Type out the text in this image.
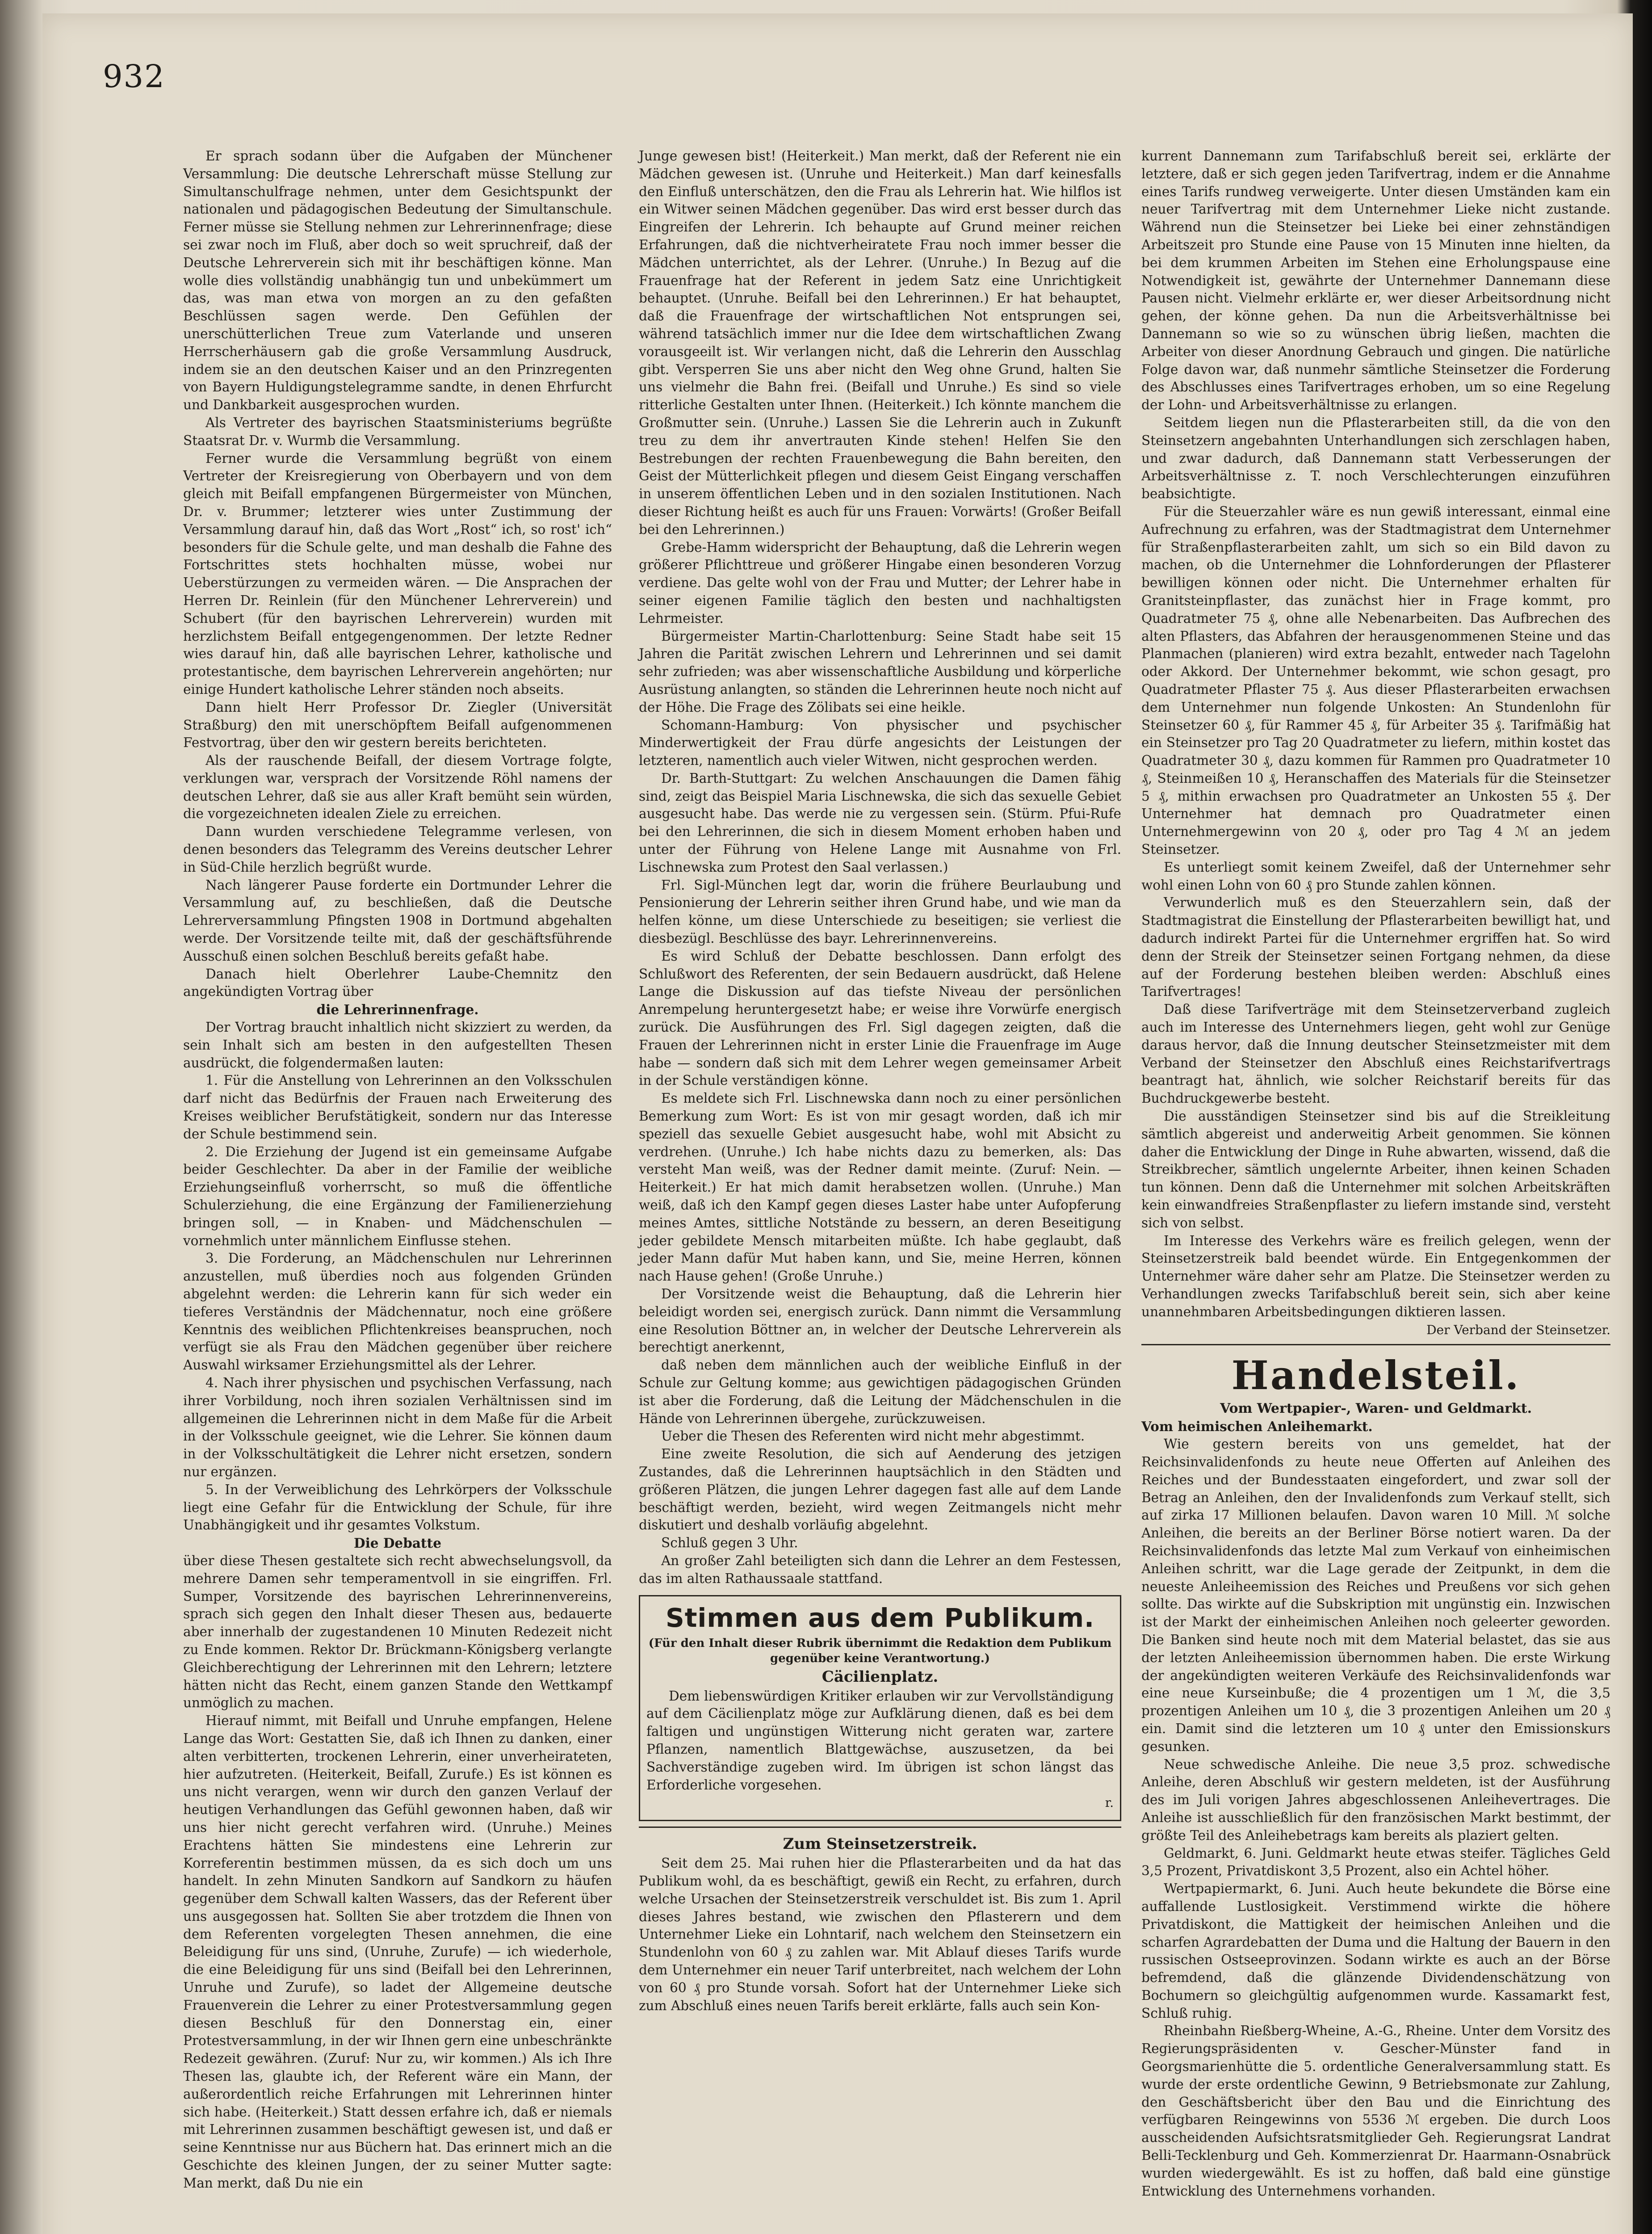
932

Er sprach sodann über die Aufgaben der Münchener Versammlung: Die deutsche Lehrerschaft müsse Stellung zur Simultanschulfrage nehmen, unter dem Gesichtspunkt der nationalen und pädagogischen Bedeutung der Simultanschule. Ferner müsse sie Stellung nehmen zur Lehrerinnenfrage; diese sei zwar noch im Fluß, aber doch so weit spruchreif, daß der Deutsche Lehrerverein sich mit ihr beschäftigen könne. Man wolle dies vollständig unabhängig tun und unbekümmert um das, was man etwa von morgen an zu den gefaßten Beschlüssen sagen werde. Den Gefühlen der unerschütterlichen Treue zum Vaterlande und unseren Herrscherhäusern gab die große Versammlung Ausdruck, indem sie an den deutschen Kaiser und an den Prinzregenten von Bayern Huldigungstelegramme sandte, in denen Ehrfurcht und Dankbarkeit ausgesprochen wurden.

Als Vertreter des bayrischen Staatsministeriums begrüßte Staatsrat Dr. v. Wurmb die Versammlung.

Ferner wurde die Versammlung begrüßt von einem Vertreter der Kreisregierung von Oberbayern und von dem gleich mit Beifall empfangenen Bürgermeister von München, Dr. v. Brummer; letzterer wies unter Zustimmung der Versammlung darauf hin, daß das Wort „Rost“ ich, so rost' ich“ besonders für die Schule gelte, und man deshalb die Fahne des Fortschrittes stets hochhalten müsse, wobei nur Ueberstürzungen zu vermeiden wären. — Die Ansprachen der Herren Dr. Reinlein (für den Münchener Lehrerverein) und Schubert (für den bayrischen Lehrerverein) wurden mit herzlichstem Beifall entgegengenommen. Der letzte Redner wies darauf hin, daß alle bayrischen Lehrer, katholische und protestantische, dem bayrischen Lehrerverein angehörten; nur einige Hundert katholische Lehrer ständen noch abseits.

Dann hielt Herr Professor Dr. Ziegler (Universität Straßburg) den mit unerschöpftem Beifall aufgenommenen Festvortrag, über den wir gestern bereits berichteten.

Als der rauschende Beifall, der diesem Vortrage folgte, verklungen war, versprach der Vorsitzende Röhl namens der deutschen Lehrer, daß sie aus aller Kraft bemüht sein würden, die vorgezeichneten idealen Ziele zu erreichen.

Dann wurden verschiedene Telegramme verlesen, von denen besonders das Telegramm des Vereins deutscher Lehrer in Süd-Chile herzlich begrüßt wurde.

Nach längerer Pause forderte ein Dortmunder Lehrer die Versammlung auf, zu beschließen, daß die Deutsche Lehrerversammlung Pfingsten 1908 in Dortmund abgehalten werde. Der Vorsitzende teilte mit, daß der geschäftsführende Ausschuß einen solchen Beschluß bereits gefaßt habe.

Danach hielt Oberlehrer Laube-Chemnitz den angekündigten Vortrag über

die Lehrerinnenfrage.

Der Vortrag braucht inhaltlich nicht skizziert zu werden, da sein Inhalt sich am besten in den aufgestellten Thesen ausdrückt, die folgendermaßen lauten:

1. Für die Anstellung von Lehrerinnen an den Volksschulen darf nicht das Bedürfnis der Frauen nach Erweiterung des Kreises weiblicher Berufstätigkeit, sondern nur das Interesse der Schule bestimmend sein.

2. Die Erziehung der Jugend ist ein gemeinsame Aufgabe beider Geschlechter. Da aber in der Familie der weibliche Erziehungseinfluß vorherrscht, so muß die öffentliche Schulerziehung, die eine Ergänzung der Familienerziehung bringen soll, — in Knaben- und Mädchenschulen — vornehmlich unter männlichem Einflusse stehen.

3. Die Forderung, an Mädchenschulen nur Lehrerinnen anzustellen, muß überdies noch aus folgenden Gründen abgelehnt werden: die Lehrerin kann für sich weder ein tieferes Verständnis der Mädchennatur, noch eine größere Kenntnis des weiblichen Pflichtenkreises beanspruchen, noch verfügt sie als Frau den Mädchen gegenüber über reichere Auswahl wirksamer Erziehungsmittel als der Lehrer.

4. Nach ihrer physischen und psychischen Verfassung, nach ihrer Vorbildung, noch ihren sozialen Verhältnissen sind im allgemeinen die Lehrerinnen nicht in dem Maße für die Arbeit in der Volksschule geeignet, wie die Lehrer. Sie können daum in der Volksschultätigkeit die Lehrer nicht ersetzen, sondern nur ergänzen.

5. In der Verweiblichung des Lehrkörpers der Volksschule liegt eine Gefahr für die Entwicklung der Schule, für ihre Unabhängigkeit und ihr gesamtes Volkstum.

Die Debatte

über diese Thesen gestaltete sich recht abwechselungsvoll, da mehrere Damen sehr temperamentvoll in sie eingriffen. Frl. Sumper, Vorsitzende des bayrischen Lehrerinnenvereins, sprach sich gegen den Inhalt dieser Thesen aus, bedauerte aber innerhalb der zugestandenen 10 Minuten Redezeit nicht zu Ende kommen. Rektor Dr. Brückmann-Königsberg verlangte Gleichberechtigung der Lehrerinnen mit den Lehrern; letztere hätten nicht das Recht, einem ganzen Stande den Wettkampf unmöglich zu machen.

Hierauf nimmt, mit Beifall und Unruhe empfangen, Helene Lange das Wort: Gestatten Sie, daß ich Ihnen zu danken, einer alten verbitterten, trockenen Lehrerin, einer unverheirateten, hier aufzutreten. (Heiterkeit, Beifall, Zurufe.) Es ist können es uns nicht verargen, wenn wir durch den ganzen Verlauf der heutigen Verhandlungen das Gefühl gewonnen haben, daß wir uns hier nicht gerecht verfahren wird. (Unruhe.) Meines Erachtens hätten Sie mindestens eine Lehrerin zur Korreferentin bestimmen müssen, da es sich doch um uns handelt. In zehn Minuten Sandkorn auf Sandkorn zu häufen gegenüber dem Schwall kalten Wassers, das der Referent über uns ausgegossen hat. Sollten Sie aber trotzdem die Ihnen von dem Referenten vorgelegten Thesen annehmen, die eine Beleidigung für uns sind, (Unruhe, Zurufe) — ich wiederhole, die eine Beleidigung für uns sind (Beifall bei den Lehrerinnen, Unruhe und Zurufe), so ladet der Allgemeine deutsche Frauenverein die Lehrer zu einer Protestversammlung gegen diesen Beschluß für den Donnerstag ein, einer Protestversammlung, in der wir Ihnen gern eine unbeschränkte Redezeit gewähren. (Zuruf: Nur zu, wir kommen.) Als ich Ihre Thesen las, glaubte ich, der Referent wäre ein Mann, der außerordentlich reiche Erfahrungen mit Lehrerinnen hinter sich habe. (Heiterkeit.) Statt dessen erfahre ich, daß er niemals mit Lehrerinnen zusammen beschäftigt gewesen ist, und daß er seine Kenntnisse nur aus Büchern hat. Das erinnert mich an die Geschichte des kleinen Jungen, der zu seiner Mutter sagte: Man merkt, daß Du nie ein

Junge gewesen bist! (Heiterkeit.) Man merkt, daß der Referent nie ein Mädchen gewesen ist. (Unruhe und Heiterkeit.) Man darf keinesfalls den Einfluß unterschätzen, den die Frau als Lehrerin hat. Wie hilflos ist ein Witwer seinen Mädchen gegenüber. Das wird erst besser durch das Eingreifen der Lehrerin. Ich behaupte auf Grund meiner reichen Erfahrungen, daß die nichtverheiratete Frau noch immer besser die Mädchen unterrichtet, als der Lehrer. (Unruhe.) In Bezug auf die Frauenfrage hat der Referent in jedem Satz eine Unrichtigkeit behauptet. (Unruhe. Beifall bei den Lehrerinnen.) Er hat behauptet, daß die Frauenfrage der wirtschaftlichen Not entsprungen sei, während tatsächlich immer nur die Idee dem wirtschaftlichen Zwang vorausgeeilt ist. Wir verlangen nicht, daß die Lehrerin den Ausschlag gibt. Versperren Sie uns aber nicht den Weg ohne Grund, halten Sie uns vielmehr die Bahn frei. (Beifall und Unruhe.) Es sind so viele ritterliche Gestalten unter Ihnen. (Heiterkeit.) Ich könnte manchem die Großmutter sein. (Unruhe.) Lassen Sie die Lehrerin auch in Zukunft treu zu dem ihr anvertrauten Kinde stehen! Helfen Sie den Bestrebungen der rechten Frauenbewegung die Bahn bereiten, den Geist der Mütterlichkeit pflegen und diesem Geist Eingang verschaffen in unserem öffentlichen Leben und in den sozialen Institutionen. Nach dieser Richtung heißt es auch für uns Frauen: Vorwärts! (Großer Beifall bei den Lehrerinnen.)

Grebe-Hamm widerspricht der Behauptung, daß die Lehrerin wegen größerer Pflichttreue und größerer Hingabe einen besonderen Vorzug verdiene. Das gelte wohl von der Frau und Mutter; der Lehrer habe in seiner eigenen Familie täglich den besten und nachhaltigsten Lehrmeister.

Bürgermeister Martin-Charlottenburg: Seine Stadt habe seit 15 Jahren die Parität zwischen Lehrern und Lehrerinnen und sei damit sehr zufrieden; was aber wissenschaftliche Ausbildung und körperliche Ausrüstung anlangten, so ständen die Lehrerinnen heute noch nicht auf der Höhe. Die Frage des Zölibats sei eine heikle.

Schomann-Hamburg: Von physischer und psychischer Minderwertigkeit der Frau dürfe angesichts der Leistungen der letzteren, namentlich auch vieler Witwen, nicht gesprochen werden.

Dr. Barth-Stuttgart: Zu welchen Anschauungen die Damen fähig sind, zeigt das Beispiel Maria Lischnewska, die sich das sexuelle Gebiet ausgesucht habe. Das werde nie zu vergessen sein. (Stürm. Pfui-Rufe bei den Lehrerinnen, die sich in diesem Moment erhoben haben und unter der Führung von Helene Lange mit Ausnahme von Frl. Lischnewska zum Protest den Saal verlassen.)

Frl. Sigl-München legt dar, worin die frühere Beurlaubung und Pensionierung der Lehrerin seither ihren Grund habe, und wie man da helfen könne, um diese Unterschiede zu beseitigen; sie verliest die diesbezügl. Beschlüsse des bayr. Lehrerinnenvereins.

Es wird Schluß der Debatte beschlossen. Dann erfolgt des Schlußwort des Referenten, der sein Bedauern ausdrückt, daß Helene Lange die Diskussion auf das tiefste Niveau der persönlichen Anrempelung heruntergesetzt habe; er weise ihre Vorwürfe energisch zurück. Die Ausführungen des Frl. Sigl dagegen zeigten, daß die Frauen der Lehrerinnen nicht in erster Linie die Frauenfrage im Auge habe — sondern daß sich mit dem Lehrer wegen gemeinsamer Arbeit in der Schule verständigen könne.

Es meldete sich Frl. Lischnewska dann noch zu einer persönlichen Bemerkung zum Wort: Es ist von mir gesagt worden, daß ich mir speziell das sexuelle Gebiet ausgesucht habe, wohl mit Absicht zu verdrehen. (Unruhe.) Ich habe nichts dazu zu bemerken, als: Das versteht Man weiß, was der Redner damit meinte. (Zuruf: Nein. — Heiterkeit.) Er hat mich damit herabsetzen wollen. (Unruhe.) Man weiß, daß ich den Kampf gegen dieses Laster habe unter Aufopferung meines Amtes, sittliche Notstände zu bessern, an deren Beseitigung jeder gebildete Mensch mitarbeiten müßte. Ich habe geglaubt, daß jeder Mann dafür Mut haben kann, und Sie, meine Herren, können nach Hause gehen! (Große Unruhe.)

Der Vorsitzende weist die Behauptung, daß die Lehrerin hier beleidigt worden sei, energisch zurück. Dann nimmt die Versammlung eine Resolution Böttner an, in welcher der Deutsche Lehrerverein als berechtigt anerkennt,

daß neben dem männlichen auch der weibliche Einfluß in der Schule zur Geltung komme; aus gewichtigen pädagogischen Gründen ist aber die Forderung, daß die Leitung der Mädchenschulen in die Hände von Lehrerinnen übergehe, zurückzuweisen.

Ueber die Thesen des Referenten wird nicht mehr abgestimmt.

Eine zweite Resolution, die sich auf Aenderung des jetzigen Zustandes, daß die Lehrerinnen hauptsächlich in den Städten und größeren Plätzen, die jungen Lehrer dagegen fast alle auf dem Lande beschäftigt werden, bezieht, wird wegen Zeitmangels nicht mehr diskutiert und deshalb vorläufig abgelehnt.

Schluß gegen 3 Uhr.

An großer Zahl beteiligten sich dann die Lehrer an dem Festessen, das im alten Rathaussaale stattfand.

Stimmen aus dem Publikum.
(Für den Inhalt dieser Rubrik übernimmt die Redaktion dem Publikum gegenüber keine Verantwortung.)
Cäcilienplatz.

Dem liebenswürdigen Kritiker erlauben wir zur Vervollständigung auf dem Cäcilienplatz möge zur Aufklärung dienen, daß es bei dem faltigen und ungünstigen Witterung nicht geraten war, zartere Pflanzen, namentlich Blattgewächse, auszusetzen, da bei Sachverständige zugeben wird. Im übrigen ist schon längst das Erforderliche vorgesehen.

r.
Zum Steinsetzerstreik.

Seit dem 25. Mai ruhen hier die Pflasterarbeiten und da hat das Publikum wohl, da es beschäftigt, gewiß ein Recht, zu erfahren, durch welche Ursachen der Steinsetzerstreik verschuldet ist. Bis zum 1. April dieses Jahres bestand, wie zwischen den Pflasterern und dem Unternehmer Lieke ein Lohntarif, nach welchem den Steinsetzern ein Stundenlohn von 60 ₰ zu zahlen war. Mit Ablauf dieses Tarifs wurde dem Unternehmer ein neuer Tarif unterbreitet, nach welchem der Lohn von 60 ₰ pro Stunde vorsah. Sofort hat der Unternehmer Lieke sich zum Abschluß eines neuen Tarifs bereit erklärte, falls auch sein Kon-

kurrent Dannemann zum Tarifabschluß bereit sei, erklärte der letztere, daß er sich gegen jeden Tarifvertrag, indem er die Annahme eines Tarifs rundweg verweigerte. Unter diesen Umständen kam ein neuer Tarifvertrag mit dem Unternehmer Lieke nicht zustande. Während nun die Steinsetzer bei Lieke bei einer zehnständigen Arbeitszeit pro Stunde eine Pause von 15 Minuten inne hielten, da bei dem krummen Arbeiten im Stehen eine Erholungspause eine Notwendigkeit ist, gewährte der Unternehmer Dannemann diese Pausen nicht. Vielmehr erklärte er, wer dieser Arbeitsordnung nicht gehen, der könne gehen. Da nun die Arbeitsverhältnisse bei Dannemann so wie so zu wünschen übrig ließen, machten die Arbeiter von dieser Anordnung Gebrauch und gingen. Die natürliche Folge davon war, daß nunmehr sämtliche Steinsetzer die Forderung des Abschlusses eines Tarifvertrages erhoben, um so eine Regelung der Lohn- und Arbeitsverhältnisse zu erlangen.

Seitdem liegen nun die Pflasterarbeiten still, da die von den Steinsetzern angebahnten Unterhandlungen sich zerschlagen haben, und zwar dadurch, daß Dannemann statt Verbesserungen der Arbeitsverhältnisse z. T. noch Verschlechterungen einzuführen beabsichtigte.

Für die Steuerzahler wäre es nun gewiß interessant, einmal eine Aufrechnung zu erfahren, was der Stadtmagistrat dem Unternehmer für Straßenpflasterarbeiten zahlt, um sich so ein Bild davon zu machen, ob die Unternehmer die Lohnforderungen der Pflasterer bewilligen können oder nicht. Die Unternehmer erhalten für Granitsteinpflaster, das zunächst hier in Frage kommt, pro Quadratmeter 75 ₰, ohne alle Nebenarbeiten. Das Aufbrechen des alten Pflasters, das Abfahren der herausgenommenen Steine und das Planmachen (planieren) wird extra bezahlt, entweder nach Tagelohn oder Akkord. Der Unternehmer bekommt, wie schon gesagt, pro Quadratmeter Pflaster 75 ₰. Aus dieser Pflasterarbeiten erwachsen dem Unternehmer nun folgende Unkosten: An Stundenlohn für Steinsetzer 60 ₰, für Rammer 45 ₰, für Arbeiter 35 ₰. Tarifmäßig hat ein Steinsetzer pro Tag 20 Quadratmeter zu liefern, mithin kostet das Quadratmeter 30 ₰, dazu kommen für Rammen pro Quadratmeter 10 ₰, Steinmeißen 10 ₰, Heranschaffen des Materials für die Steinsetzer 5 ₰, mithin erwachsen pro Quadratmeter an Unkosten 55 ₰. Der Unternehmer hat demnach pro Quadratmeter einen Unternehmergewinn von 20 ₰, oder pro Tag 4 ℳ an jedem Steinsetzer.

Es unterliegt somit keinem Zweifel, daß der Unternehmer sehr wohl einen Lohn von 60 ₰ pro Stunde zahlen können.

Verwunderlich muß es den Steuerzahlern sein, daß der Stadtmagistrat die Einstellung der Pflasterarbeiten bewilligt hat, und dadurch indirekt Partei für die Unternehmer ergriffen hat. So wird denn der Streik der Steinsetzer seinen Fortgang nehmen, da diese auf der Forderung bestehen bleiben werden: Abschluß eines Tarifvertrages!

Daß diese Tarifverträge mit dem Steinsetzerverband zugleich auch im Interesse des Unternehmers liegen, geht wohl zur Genüge daraus hervor, daß die Innung deutscher Steinsetzmeister mit dem Verband der Steinsetzer den Abschluß eines Reichstarifvertrags beantragt hat, ähnlich, wie solcher Reichstarif bereits für das Buchdruckgewerbe besteht.

Die ausständigen Steinsetzer sind bis auf die Streikleitung sämtlich abgereist und anderweitig Arbeit genommen. Sie können daher die Entwicklung der Dinge in Ruhe abwarten, wissend, daß die Streikbrecher, sämtlich ungelernte Arbeiter, ihnen keinen Schaden tun können. Denn daß die Unternehmer mit solchen Arbeitskräften kein einwandfreies Straßenpflaster zu liefern imstande sind, versteht sich von selbst.

Im Interesse des Verkehrs wäre es freilich gelegen, wenn der Steinsetzerstreik bald beendet würde. Ein Entgegenkommen der Unternehmer wäre daher sehr am Platze. Die Steinsetzer werden zu Verhandlungen zwecks Tarifabschluß bereit sein, sich aber keine unannehmbaren Arbeitsbedingungen diktieren lassen.

Der Verband der Steinsetzer.
Handelsteil.
Vom Wertpapier-, Waren- und Geldmarkt.

Vom heimischen Anleihemarkt.

Wie gestern bereits von uns gemeldet, hat der Reichsinvalidenfonds zu heute neue Offerten auf Anleihen des Reiches und der Bundesstaaten eingefordert, und zwar soll der Betrag an Anleihen, den der Invalidenfonds zum Verkauf stellt, sich auf zirka 17 Millionen belaufen. Davon waren 10 Mill. ℳ solche Anleihen, die bereits an der Berliner Börse notiert waren. Da der Reichsinvalidenfonds das letzte Mal zum Verkauf von einheimischen Anleihen schritt, war die Lage gerade der Zeitpunkt, in dem die neueste Anleiheemission des Reiches und Preußens vor sich gehen sollte. Das wirkte auf die Subskription mit ungünstig ein. Inzwischen ist der Markt der einheimischen Anleihen noch geleerter geworden. Die Banken sind heute noch mit dem Material belastet, das sie aus der letzten Anleiheemission übernommen haben. Die erste Wirkung der angekündigten weiteren Verkäufe des Reichsinvalidenfonds war eine neue Kurseinbuße; die 4 prozentigen um 1 ℳ, die 3,5 prozentigen Anleihen um 10 ₰, die 3 prozentigen Anleihen um 20 ₰ ein. Damit sind die letzteren um 10 ₰ unter den Emissionskurs gesunken.

Neue schwedische Anleihe. Die neue 3,5 proz. schwedische Anleihe, deren Abschluß wir gestern meldeten, ist der Ausführung des im Juli vorigen Jahres abgeschlossenen Anleihevertrages. Die Anleihe ist ausschließlich für den französischen Markt bestimmt, der größte Teil des Anleihebetrags kam bereits als plaziert gelten.

Geldmarkt, 6. Juni. Geldmarkt heute etwas steifer. Tägliches Geld 3,5 Prozent, Privatdiskont 3,5 Prozent, also ein Achtel höher.

Wertpapiermarkt, 6. Juni. Auch heute bekundete die Börse eine auffallende Lustlosigkeit. Verstimmend wirkte die höhere Privatdiskont, die Mattigkeit der heimischen Anleihen und die scharfen Agrardebatten der Duma und die Haltung der Bauern in den russischen Ostseeprovinzen. Sodann wirkte es auch an der Börse befremdend, daß die glänzende Dividendenschätzung von Bochumern so gleichgültig aufgenommen wurde. Kassamarkt fest, Schluß ruhig.

Rheinbahn Rießberg-Wheine, A.-G., Rheine. Unter dem Vorsitz des Regierungspräsidenten v. Gescher-Münster fand in Georgsmarienhütte die 5. ordentliche Generalversammlung statt. Es wurde der erste ordentliche Gewinn, 9 Betriebsmonate zur Zahlung, den Geschäftsbericht über den Bau und die Einrichtung des verfügbaren Reingewinns von 5536 ℳ ergeben. Die durch Loos ausscheidenden Aufsichtsratsmitglieder Geh. Regierungsrat Landrat Belli-Tecklenburg und Geh. Kommerzienrat Dr. Haarmann-Osnabrück wurden wiedergewählt. Es ist zu hoffen, daß bald eine günstige Entwicklung des Unternehmens vorhanden.
